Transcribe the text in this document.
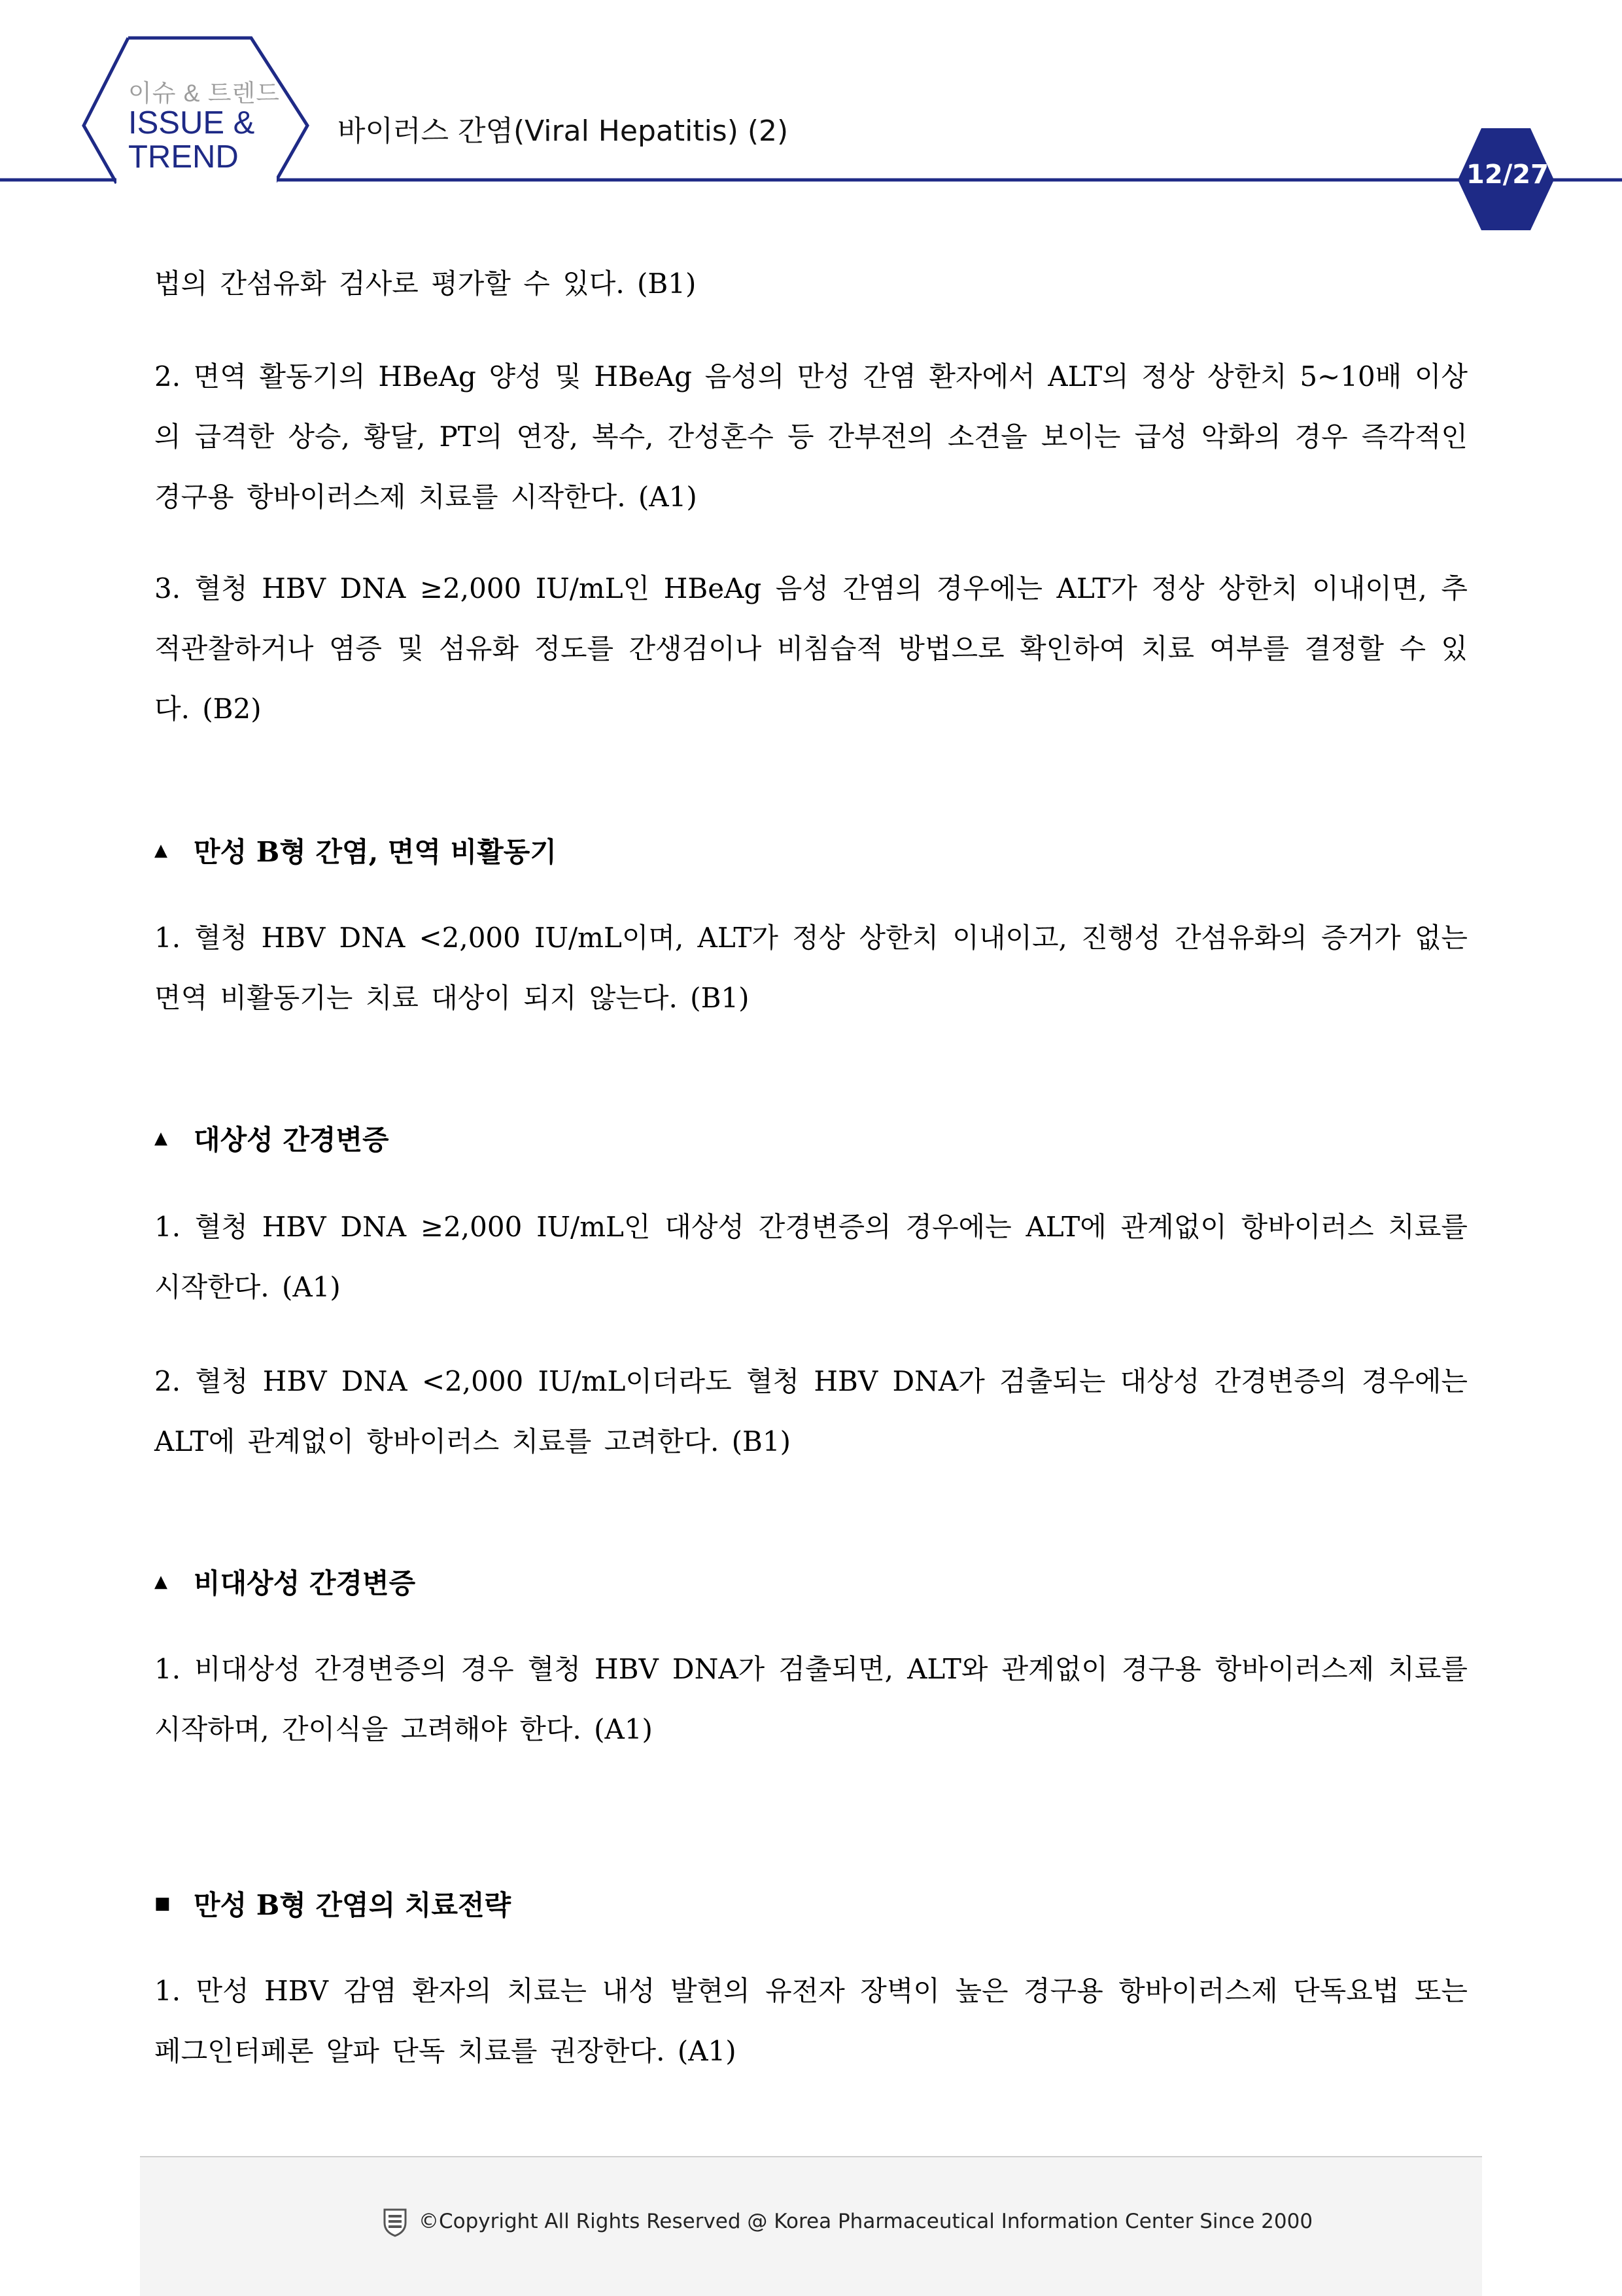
이슈 & 트렌드
ISSUE &
TREND
바이러스 간염(Viral Hepatitis) (2)
12/27
법의 간섬유화 검사로 평가할 수 있다. (B1)
2. 면역 활동기의 HBeAg 양성 및 HBeAg 음성의 만성 간염 환자에서 ALT의 정상 상한치 5~10배 이상의 급격한 상승, 황달, PT의 연장, 복수, 간성혼수 등 간부전의 소견을 보이는 급성 악화의 경우 즉각적인 경구용 항바이러스제 치료를 시작한다. (A1)
3. 혈청 HBV DNA ≥2,000 IU/mL인 HBeAg 음성 간염의 경우에는 ALT가 정상 상한치 이내이면, 추적관찰하거나 염증 및 섬유화 정도를 간생검이나 비침습적 방법으로 확인하여 치료 여부를 결정할 수 있다. (B2)
▲ 만성 B형 간염, 면역 비활동기
1. 혈청 HBV DNA <2,000 IU/mL이며, ALT가 정상 상한치 이내이고, 진행성 간섬유화의 증거가 없는 면역 비활동기는 치료 대상이 되지 않는다. (B1)
▲ 대상성 간경변증
1. 혈청 HBV DNA ≥2,000 IU/mL인 대상성 간경변증의 경우에는 ALT에 관계없이 항바이러스 치료를 시작한다. (A1)
2. 혈청 HBV DNA <2,000 IU/mL이더라도 혈청 HBV DNA가 검출되는 대상성 간경변증의 경우에는 ALT에 관계없이 항바이러스 치료를 고려한다. (B1)
▲ 비대상성 간경변증
1. 비대상성 간경변증의 경우 혈청 HBV DNA가 검출되면, ALT와 관계없이 경구용 항바이러스제 치료를 시작하며, 간이식을 고려해야 한다. (A1)
■ 만성 B형 간염의 치료전략
1. 만성 HBV 감염 환자의 치료는 내성 발현의 유전자 장벽이 높은 경구용 항바이러스제 단독요법 또는 페그인터페론 알파 단독 치료를 권장한다. (A1)
©Copyright All Rights Reserved @ Korea Pharmaceutical Information Center Since 2000
